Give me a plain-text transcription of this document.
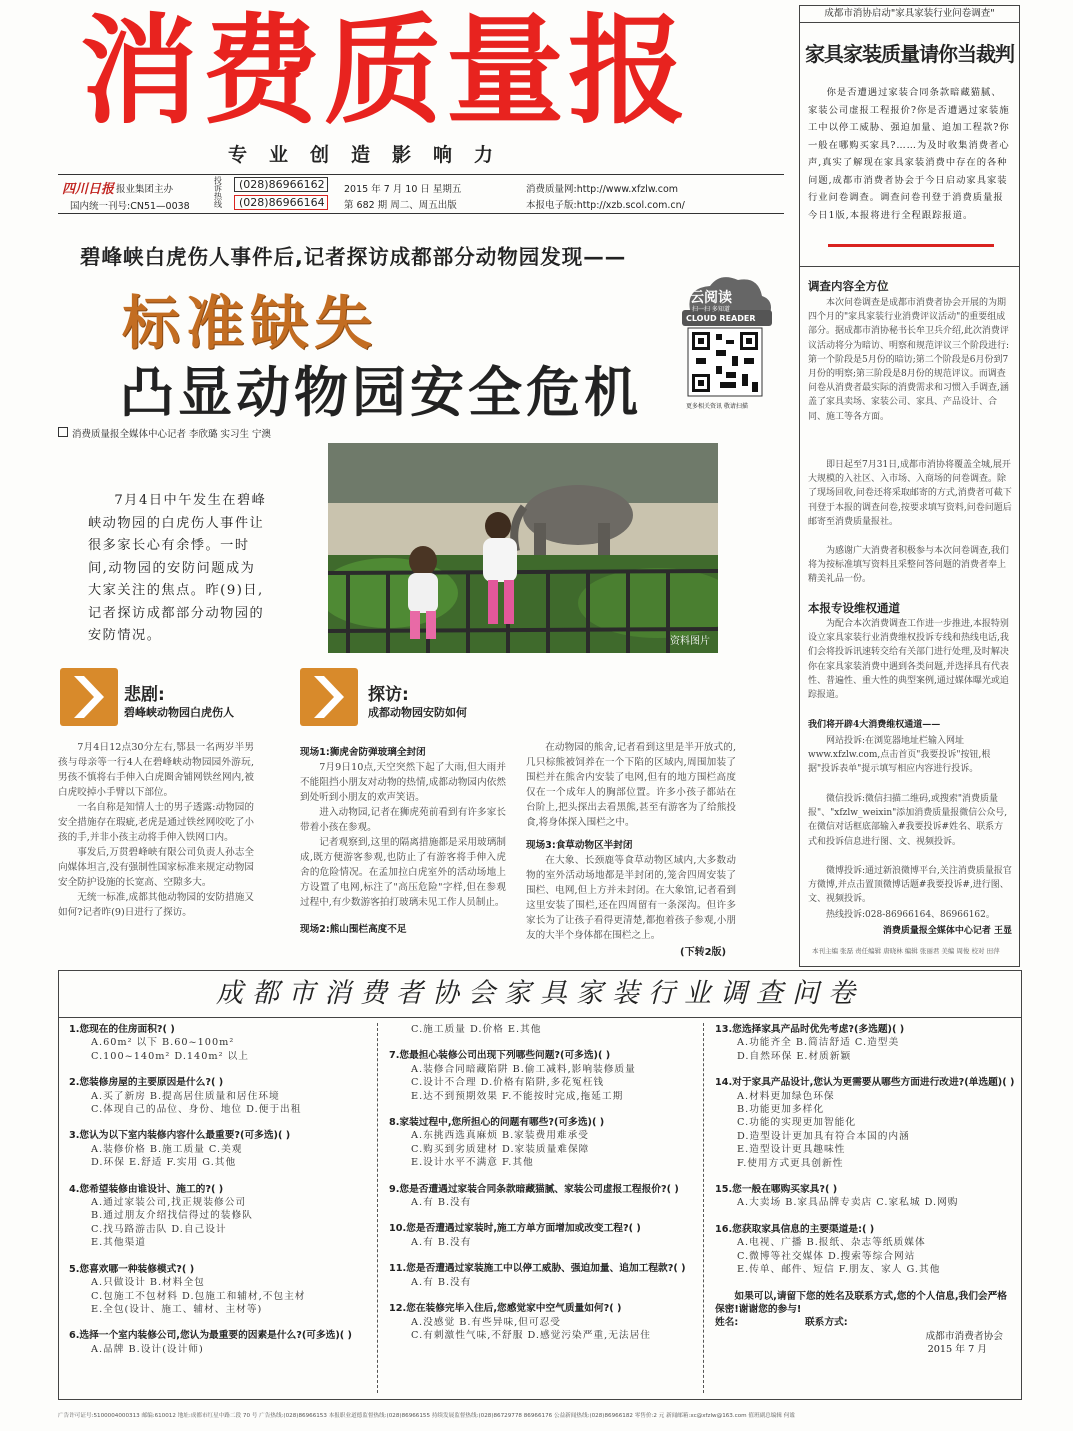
消费质量报
专业创造影响力
四川日报 报业集团主办
国内统一刊号:CN51—0038
投诉热线
(028)86966162
(028)86966164
2015 年 7 月 10 日 星期五
第 682 期 周二、周五出版
消费质量网:http://www.xfzlw.com
本报电子版:http://xzb.scol.com.cn/
成都市消协启动"家具家装行业问卷调查"
家具家装质量请你当裁判
你是否遭遇过家装合同条款暗藏猫腻、家装公司虚报工程报价?你是否遭遇过家装施工中以停工威胁、强迫加量、追加工程款?你一般在哪购买家具?……为及时收集消费者心声,真实了解现在家具家装消费中存在的各种问题,成都市消费者协会于今日启动家具家装行业问卷调查。调查问卷刊登于消费质量报今日1版,本报将进行全程跟踪报道。
调查内容全方位
本次问卷调查是成都市消费者协会开展的为期四个月的"家具家装行业消费评议活动"的重要组成部分。据成都市消协秘书长牟卫兵介绍,此次消费评议活动将分为暗访、明察和规范评议三个阶段进行:第一个阶段是5月份的暗访;第二个阶段是6月份到7月份的明察;第三阶段是8月份的规范评议。而调查问卷从消费者最实际的消费需求和习惯入手调查,涵盖了家具卖场、家装公司、家具、产品设计、合同、施工等各方面。
即日起至7月31日,成都市消协将覆盖全城,展开大规模的入社区、入市场、入商场的问卷调查。除了现场回收,问卷还将采取邮寄的方式,消费者可截下刊登于本报的调查问卷,按要求填写资料,问卷问题后邮寄至消费质量报社。
为感谢广大消费者积极参与本次问卷调查,我们将为按标准填写资料且采整问答问题的消费者奉上精美礼品一份。
本报专设维权通道
为配合本次消费调查工作进一步推进,本报特别设立家具家装行业消费维权投诉专线和热线电话,我们会将投诉讯速转交给有关部门进行处理,及时解决你在家具家装消费中遇到各类问题,并选择具有代表性、普遍性、重大性的典型案例,通过媒体曝光或追踪报道。
我们将开辟4大消费维权通道——
网站投诉:在浏览器地址栏输入网址www.xfzlw.com,点击首页"我要投诉"按钮,根据"投诉表单"提示填写相应内容进行投诉。
微信投诉:微信扫描二维码,或搜索"消费质量报"、"xfzlw_weixin"添加消费质量报微信公众号,在微信对话框底部输入#我要投诉#姓名、联系方式和投诉信息进行图、文、视频投诉。
微博投诉:通过新浪微博平台,关注消费质量报官方微博,并点击置顶微博话题#我要投诉#,进行图、文、视频投诉。
热线投诉:028-86966164、86966162。
消费质量报全媒体中心记者 王显
本刊主编 张磊 责任编辑 唐晓林 编辑 张丽君 美编 周俊 校对 田萍
碧峰峡白虎伤人事件后,记者探访成都部分动物园发现——
标准缺失
凸显动物园安全危机
云阅读
扫一扫 多知道
CLOUD READER
更多相关资讯 敬请扫描
消费质量报全媒体中心记者 李欣璐 实习生 宁澳
7月4日中午发生在碧峰峡动物园的白虎伤人事件让很多家长心有余悸。一时间,动物园的安防问题成为大家关注的焦点。昨(9)日,记者探访成都部分动物园的安防情况。	资料图片
悲剧:
碧峰峡动物园白虎伤人
探访:
成都动物园安防如何

7月4日12点30分左右,鄂县一名两岁半男孩与母亲等一行4人在碧峰峡动物园园外游玩,男孩不慎将右手伸入白虎圈舍铺网铁丝网内,被白虎咬掉小手臂以下部位。

一名自称是知情人士的男子透露:动物园的安全措施存在瑕疵,老虎是通过铁丝网咬吃了小孩的手,并非小孩主动将手伸入铁网口内。

事发后,万贯碧峰峡有限公司负责人孙志全向媒体坦言,没有强制性国家标准来规定动物园安全防护设施的长宽高、空隙多大。

无统一标准,成都其他动物园的安防措施又如何?记者昨(9)日进行了探访。

现场1:狮虎舍防弹玻璃全封闭

7月9日10点,天空突然下起了大雨,但大雨并不能阻挡小朋友对动物的热情,成都动物园内依然到处听到小朋友的欢声笑语。

进入动物园,记者在狮虎苑前看到有许多家长带着小孩在参观。

记者观察到,这里的隔离措施都是采用玻璃制成,既方便游客参观,也防止了有游客将手伸入虎舍的危险情况。在孟加拉白虎室外的活动场地上方设置了电网,标注了"高压危险"字样,但在参观过程中,有少数游客拍打玻璃未见工作人员制止。

现场2:熊山围栏高度不足

在动物园的熊舍,记者看到这里是半开放式的,几只棕熊被饲养在一个下陷的区域内,周围加装了围栏并在熊舍内安装了电网,但有的地方围栏高度仅在一个成年人的胸部位置。许多小孩子都站在台阶上,把头探出去看黑熊,甚至有游客为了给熊投食,将身体探入围栏之中。

现场3:食草动物区半封闭

在大象、长颈鹿等食草动物区域内,大多数动物的室外活动场地都是半封闭的,笼舍四周安装了围栏、电网,但上方并未封闭。在大象馆,记者看到这里安装了围栏,还在四周留有一条深沟。但许多家长为了让孩子看得更清楚,都抱着孩子参观,小朋友的大半个身体都在围栏之上。

(下转2版)
成都市消费者协会家具家装行业调查问卷
1.您现在的住房面积?( )
A.60m² 以下 B.60~100m²
C.100~140m² D.140m² 以上
2.您装修房屋的主要原因是什么?( )
A.买了新房 B.提高居住质量和居住环境
C.体现自己的品位、身份、地位 D.便于出租
3.您认为以下室内装修内容什么最重要?(可多选)( )
A.装修价格 B.施工质量 C.美观
D.环保 E.舒适 F.实用 G.其他
4.您希望装修由谁设计、施工的?( )
A.通过家装公司,找正规装修公司
B.通过朋友介绍找信得过的装修队
C.找马路游击队 D.自己设计
E.其他渠道
5.您喜欢哪一种装修模式?( )
A.只做设计 B.材料全包
C.包施工不包材料 D.包施工和辅材,不包主材
E.全包(设计、施工、辅材、主材等)
6.选择一个室内装修公司,您认为最重要的因素是什么?(可多选)( )
A.品牌 B.设计(设计师)
C.施工质量 D.价格 E.其他
7.您最担心装修公司出现下列哪些问题?(可多选)( )
A.装修合同暗藏陷阱 B.偷工减料,影响装修质量
C.设计不合理 D.价格有陷阱,多花冤枉钱
E.达不到预期效果 F.不能按时完成,拖延工期
8.家装过程中,您所担心的问题有哪些?(可多选)( )
A.东挑西选真麻烦 B.家装费用难承受
C.购买到劣质建材 D.家装质量难保障
E.设计水平不满意 F.其他
9.您是否遭遇过家装合同条款暗藏猫腻、家装公司虚报工程报价?( )
A.有 B.没有
10.您是否遭遇过家装时,施工方单方面增加或改变工程?( )
A.有 B.没有
11.您是否遭遇过家装施工中以停工威胁、强迫加量、追加工程款?( )
A.有 B.没有
12.您在装修完毕入住后,您感觉家中空气质量如何?( )
A.没感觉 B.有些异味,但可忍受
C.有刺激性气味,不舒服 D.感觉污染严重,无法居住
13.您选择家具产品时优先考虑?(多选题)( )
A.功能齐全 B.简洁舒适 C.造型美
D.自然环保 E.材质新颖
14.对于家具产品设计,您认为更需要从哪些方面进行改进?(单选题)( )
A.材料更加绿色环保
B.功能更加多样化
C.功能的实现更加智能化
D.造型设计更加具有符合本国的内涵
E.造型设计更具趣味性
F.使用方式更具创新性
15.您一般在哪购买家具?( )
A.大卖场 B.家具品牌专卖店 C.家私城 D.网购
16.您获取家具信息的主要渠道是:( )
A.电视、广播 B.报纸、杂志等纸质媒体
C.微博等社交媒体 D.搜索等综合网站
E.传单、邮件、短信 F.朋友、家人 G.其他
如果可以,请留下您的姓名及联系方式,您的个人信息,我们会严格保密!谢谢您的参与!
姓名:	联系方式:
成都市消费者协会
2015 年 7 月
广告许可证号:5100004000313 邮编:610012 地址:成都市红星中路二段 70 号 广告热线:(028)86966153 本报职业道德监督热线:(028)86966155 持续发展监督热线:(028)86729778 86966176 公益新闻热线:(028)86966182 零售价:2 元 新闻邮箱:xc@xfzlw@163.com 值班副总编辑 何谧
